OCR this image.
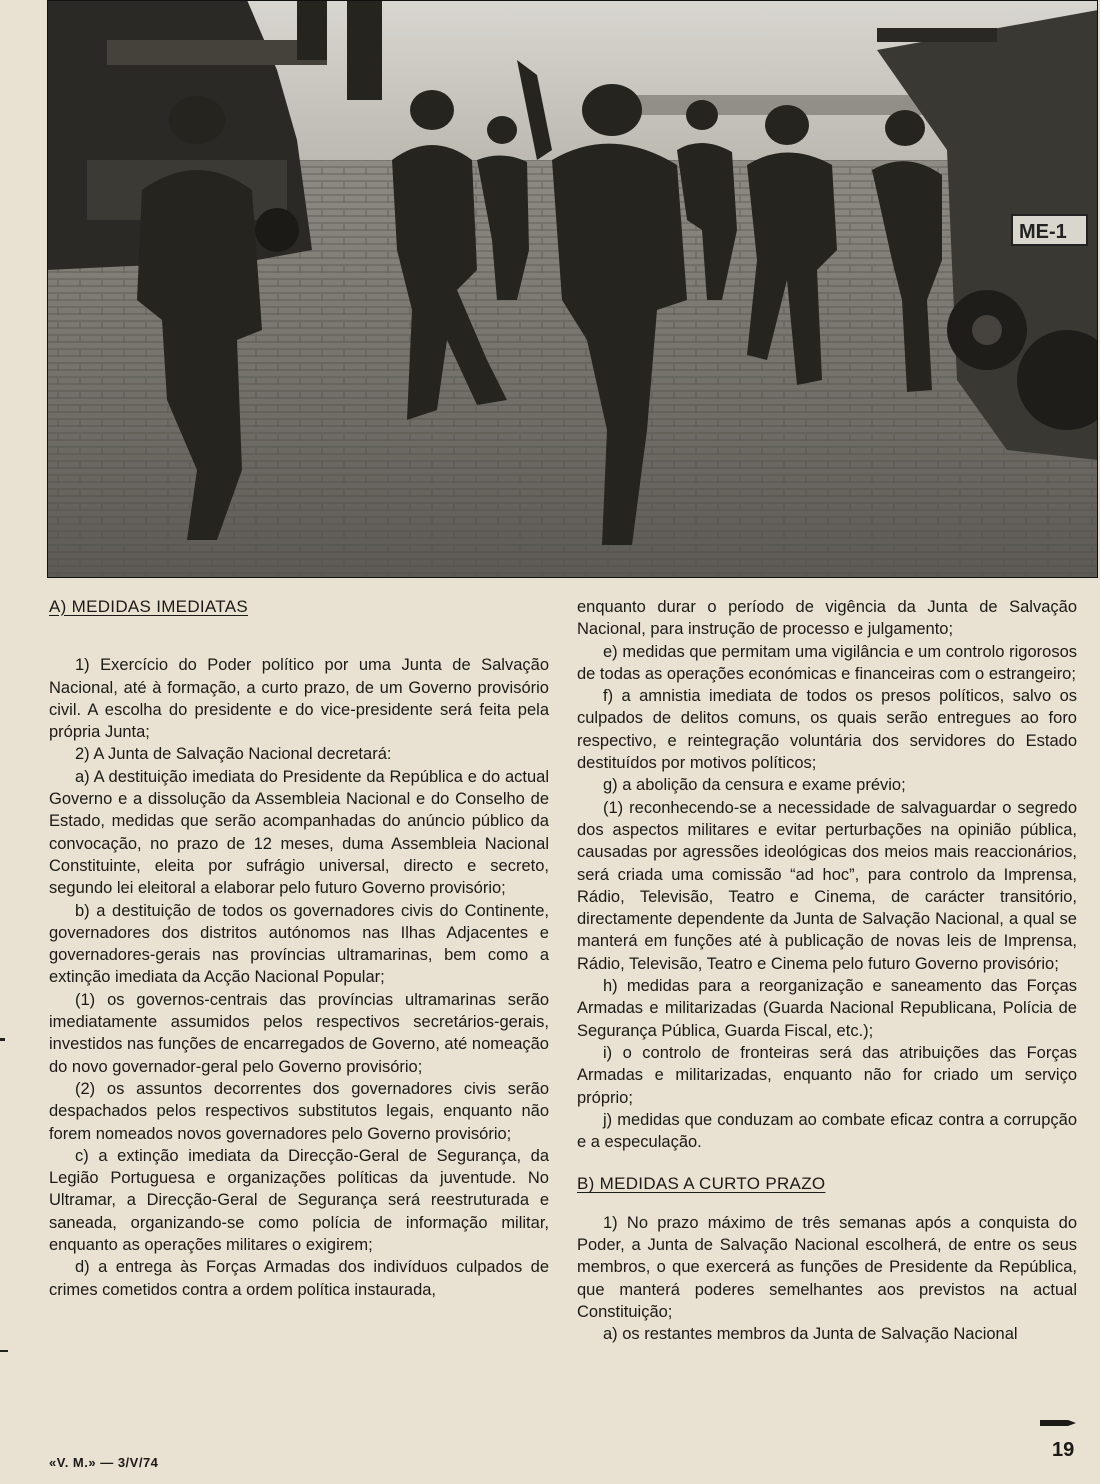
ME-1

A) MEDIDAS IMEDIATAS

1) Exercício do Poder político por uma Junta de Salvação Nacional, até à formação, a curto prazo, de um Governo provisório civil. A escolha do presidente e do vice-presidente será feita pela própria Junta;

2) A Junta de Salvação Nacional decretará:

a) A destituição imediata do Presidente da República e do actual Governo e a dissolução da Assembleia Nacional e do Conselho de Estado, medidas que serão acompanhadas do anúncio público da convocação, no prazo de 12 meses, duma Assembleia Nacional Constituinte, eleita por sufrágio universal, directo e secreto, segundo lei eleitoral a elaborar pelo futuro Governo provisório;

b) a destituição de todos os governadores civis do Continente, governadores dos distritos autónomos nas Ilhas Adjacentes e governadores-gerais nas províncias ultramarinas, bem como a extinção imediata da Acção Nacional Popular;

(1) os governos-centrais das províncias ultramarinas serão imediatamente assumidos pelos respectivos secretários-gerais, investidos nas funções de encarregados de Governo, até nomeação do novo governador-geral pelo Governo provisório;

(2) os assuntos decorrentes dos governadores civis serão despachados pelos respectivos substitutos legais, enquanto não forem nomeados novos governadores pelo Governo provisório;

c) a extinção imediata da Direcção-Geral de Segurança, da Legião Portuguesa e organizações políticas da juventude. No Ultramar, a Direcção-Geral de Segurança será reestruturada e saneada, organizando-se como polícia de informação militar, enquanto as operações militares o exigirem;

d) a entrega às Forças Armadas dos indivíduos culpados de crimes cometidos contra a ordem política instaurada,

enquanto durar o período de vigência da Junta de Salvação Nacional, para instrução de processo e julgamento;

e) medidas que permitam uma vigilância e um controlo rigorosos de todas as operações económicas e financeiras com o estrangeiro;

f) a amnistia imediata de todos os presos políticos, salvo os culpados de delitos comuns, os quais serão entregues ao foro respectivo, e reintegração voluntária dos servidores do Estado destituídos por motivos políticos;

g) a abolição da censura e exame prévio;

(1) reconhecendo-se a necessidade de salvaguardar o segredo dos aspectos militares e evitar perturbações na opinião pública, causadas por agressões ideológicas dos meios mais reaccionários, será criada uma comissão “ad hoc”, para controlo da Imprensa, Rádio, Televisão, Teatro e Cinema, de carácter transitório, directamente dependente da Junta de Salvação Nacional, a qual se manterá em funções até à publicação de novas leis de Imprensa, Rádio, Televisão, Teatro e Cinema pelo futuro Governo provisório;

h) medidas para a reorganização e saneamento das Forças Armadas e militarizadas (Guarda Nacional Republicana, Polícia de Segurança Pública, Guarda Fiscal, etc.);

i) o controlo de fronteiras será das atribuições das Forças Armadas e militarizadas, enquanto não for criado um serviço próprio;

j) medidas que conduzam ao combate eficaz contra a corrupção e a especulação.

B) MEDIDAS A CURTO PRAZO

1) No prazo máximo de três semanas após a conquista do Poder, a Junta de Salvação Nacional escolherá, de entre os seus membros, o que exercerá as funções de Presidente da República, que manterá poderes semelhantes aos previstos na actual Constituição;

a) os restantes membros da Junta de Salvação Nacional

«V. M.» — 3/V/74
19
